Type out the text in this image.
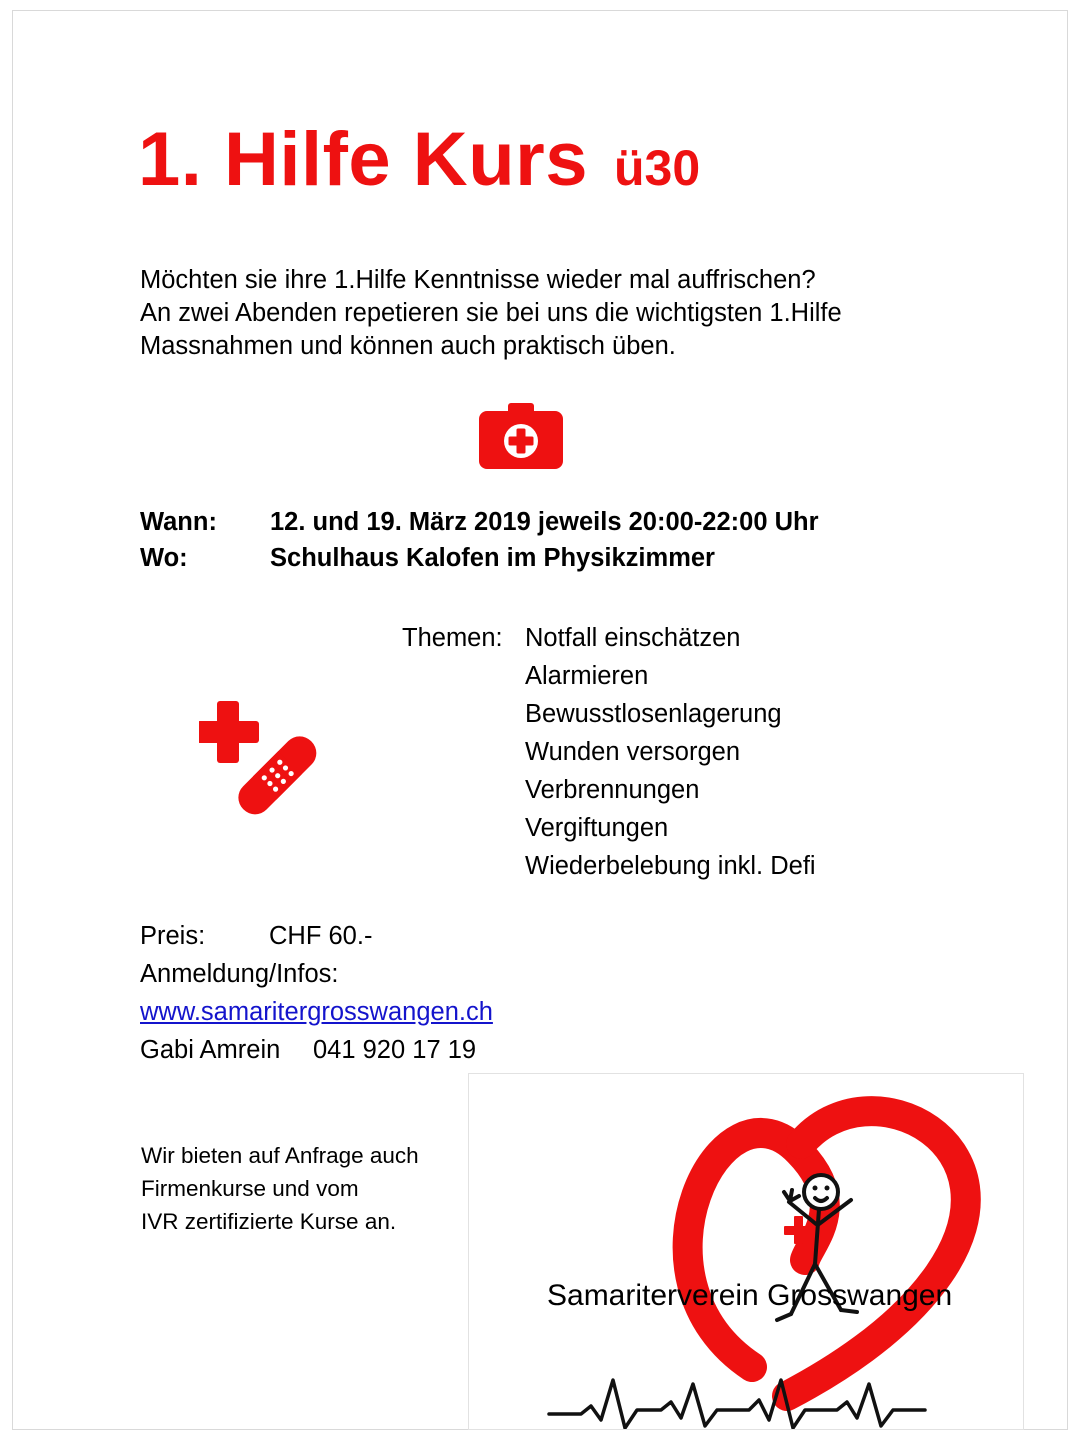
1. Hilfe Kurs ü30
Möchten sie ihre 1.Hilfe Kenntnisse wieder mal auffrischen?
An zwei Abenden repetieren sie bei uns die wichtigsten 1.Hilfe
Massnahmen und können auch praktisch üben.
Wann:	12. und 19. März 2019 jeweils 20:00-22:00 Uhr
Wo:	Schulhaus Kalofen im Physikzimmer
Themen: Notfall einschätzen
Alarmieren
Bewusstlosenlagerung
Wunden versorgen
Verbrennungen
Vergiftungen
Wiederbelebung inkl. Defi
Preis:	CHF 60.-
Anmeldung/Infos:
www.samaritergrosswangen.ch
Gabi Amrein	041 920 17 19
Wir bieten auf Anfrage auch
Firmenkurse und vom
IVR zertifizierte Kurse an.
Samariterverein Grosswangen
